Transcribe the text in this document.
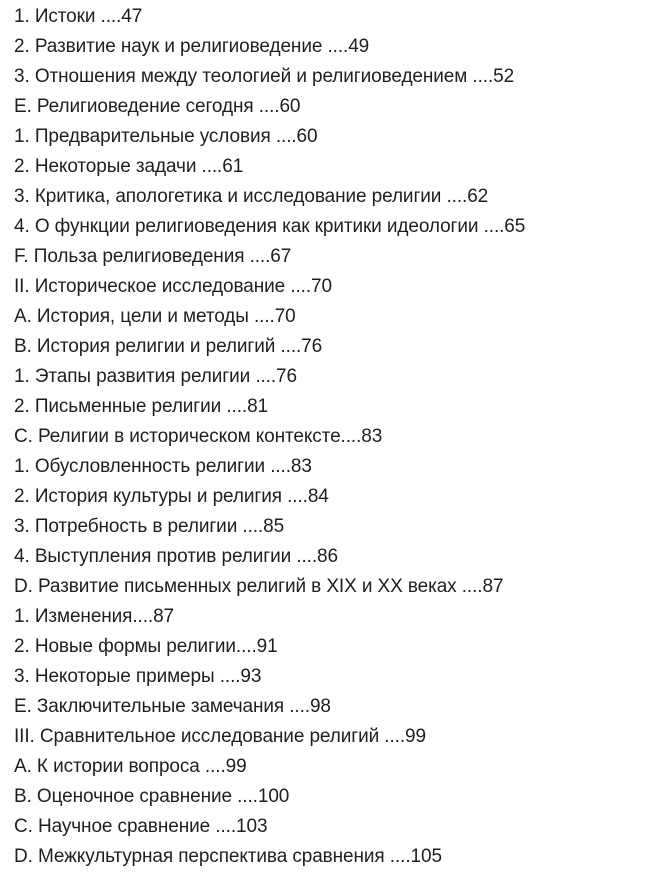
1. Истоки ....47
2. Развитие наук и религиоведение ....49
3. Отношения между теологией и религиоведением ....52
E. Религиоведение сегодня ....60
1. Предварительные условия ....60
2. Некоторые задачи ....61
3. Критика, апологетика и исследование религии ....62
4. О функции религиоведения как критики идеологии ....65
F. Польза религиоведения ....67
II. Историческое исследование ....70
A. История, цели и методы ....70
B. История религии и религий ....76
1. Этапы развития религии ....76
2. Письменные религии ....81
C. Религии в историческом контексте....83
1. Обусловленность религии ....83
2. История культуры и религия ....84
3. Потребность в религии ....85
4. Выступления против религии ....86
D. Развитие письменных религий в XIX и XX веках ....87
1. Изменения....87
2. Новые формы религии....91
3. Некоторые примеры ....93
E. Заключительные замечания ....98
III. Сравнительное исследование религий ....99
A. К истории вопроса ....99
B. Оценочное сравнение ....100
C. Научное сравнение ....103
D. Межкультурная перспектива сравнения ....105
